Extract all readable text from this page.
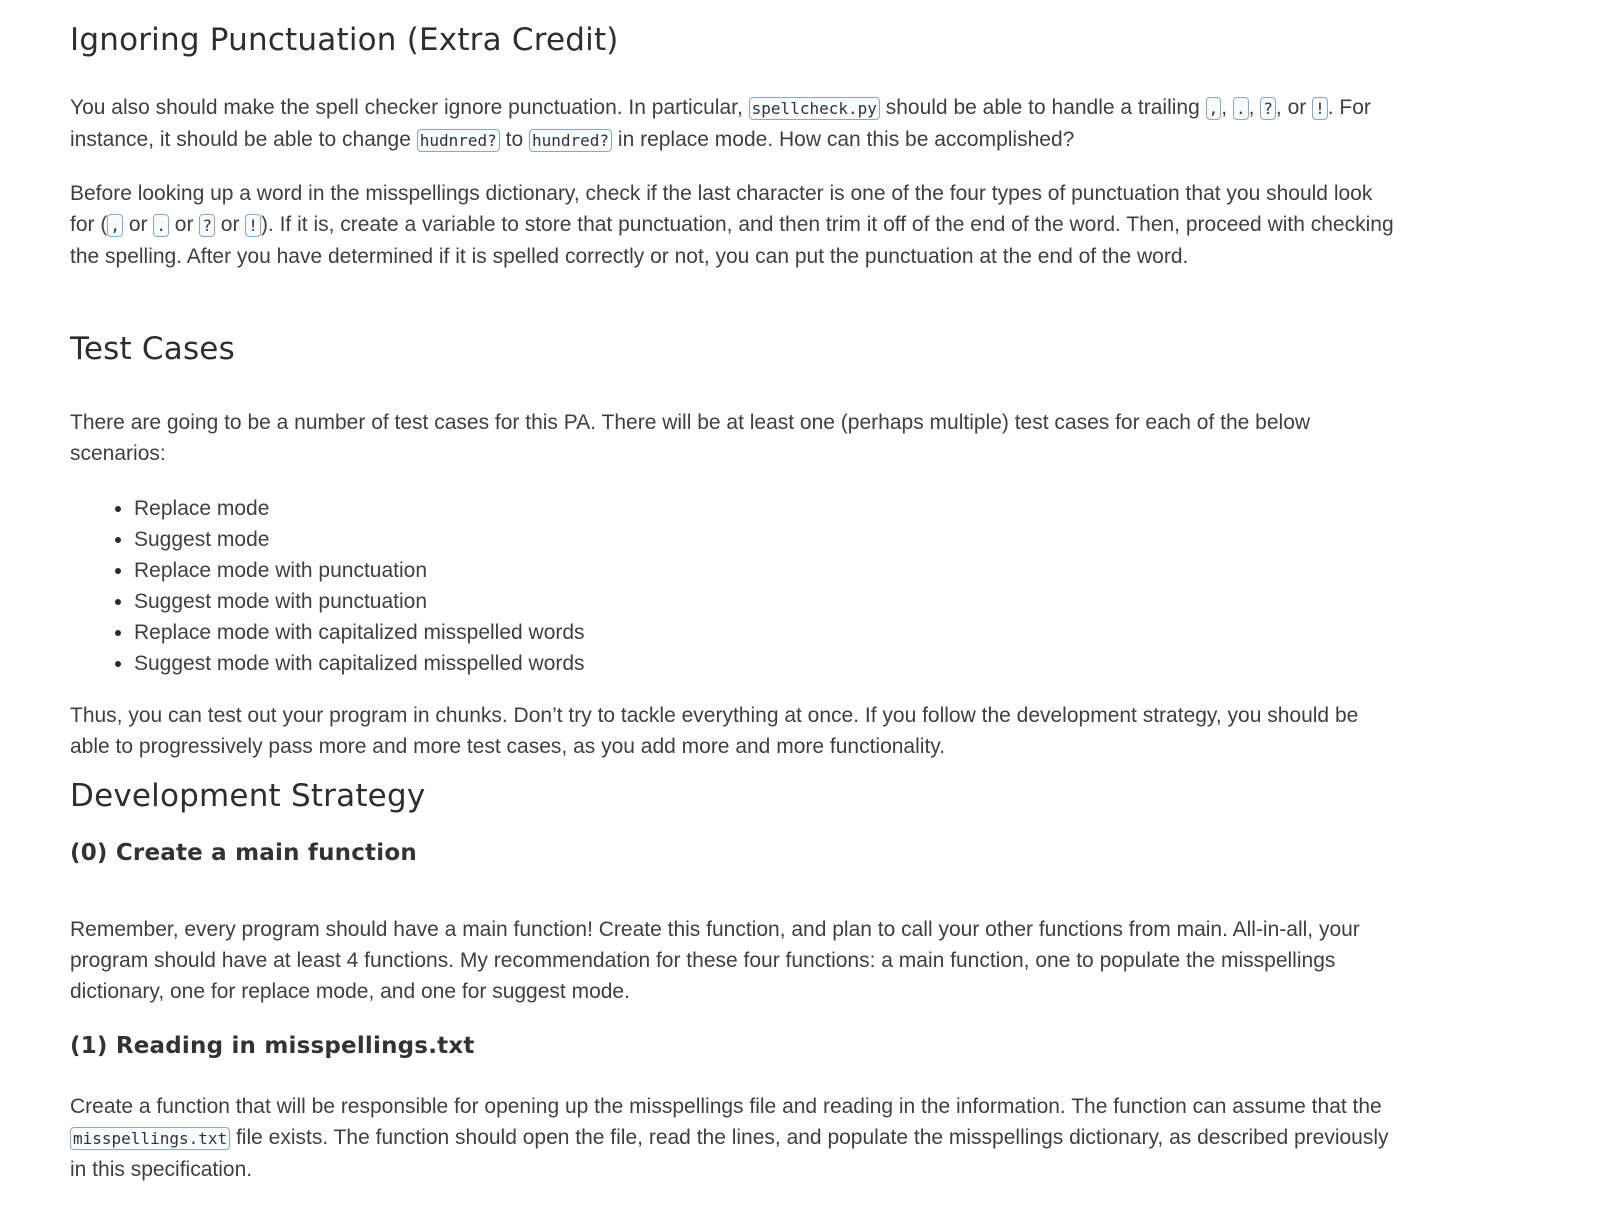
Ignoring Punctuation (Extra Credit)

You also should make the spell checker ignore punctuation. In particular, spellcheck.py should be able to handle a trailing , , . , ? , or ! . For instance, it should be able to change hudnred? to hundred? in replace mode. How can this be accomplished?

Before looking up a word in the misspellings dictionary, check if the last character is one of the four types of punctuation that you should look for ( , or . or ? or ! ). If it is, create a variable to store that punctuation, and then trim it off of the end of the word. Then, proceed with checking the spelling. After you have determined if it is spelled correctly or not, you can put the punctuation at the end of the word.

Test Cases

There are going to be a number of test cases for this PA. There will be at least one (perhaps multiple) test cases for each of the below scenarios:

• Replace mode
• Suggest mode
• Replace mode with punctuation
• Suggest mode with punctuation
• Replace mode with capitalized misspelled words
• Suggest mode with capitalized misspelled words

Thus, you can test out your program in chunks. Don’t try to tackle everything at once. If you follow the development strategy, you should be able to progressively pass more and more test cases, as you add more and more functionality.

Development Strategy
(0) Create a main function

Remember, every program should have a main function! Create this function, and plan to call your other functions from main. All-in-all, your program should have at least 4 functions. My recommendation for these four functions: a main function, one to populate the misspellings dictionary, one for replace mode, and one for suggest mode.

(1) Reading in misspellings.txt

Create a function that will be responsible for opening up the misspellings file and reading in the information. The function can assume that the misspellings.txt file exists. The function should open the file, read the lines, and populate the misspellings dictionary, as described previously in this specification.
